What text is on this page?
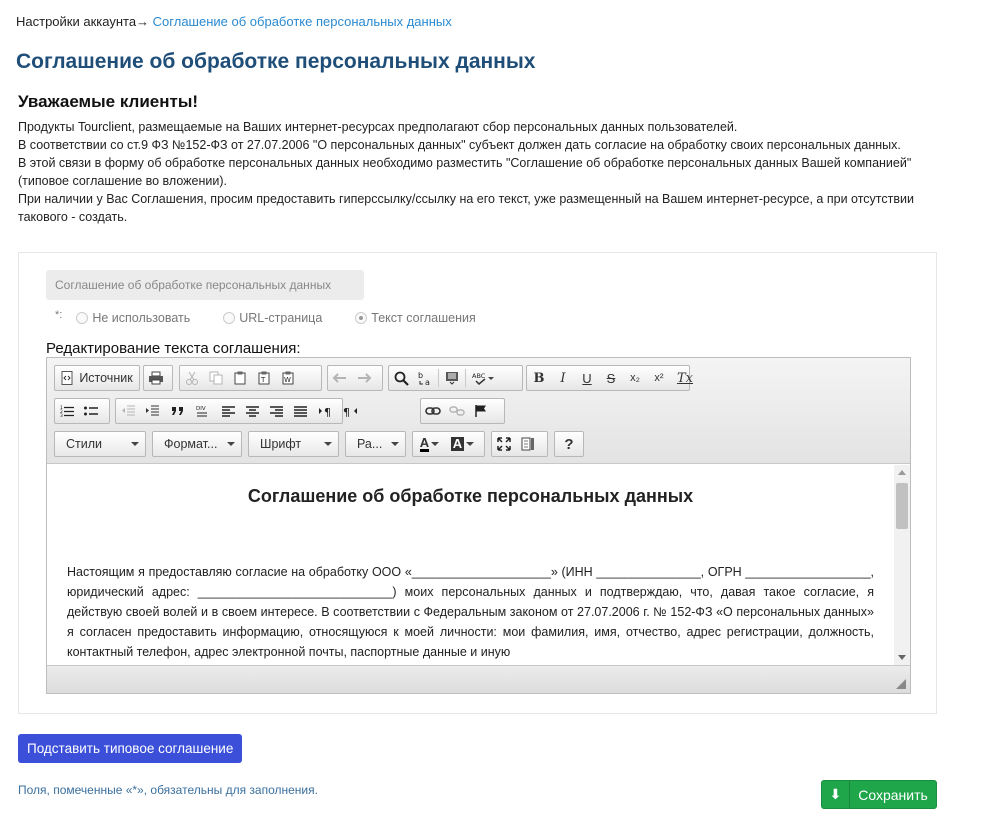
Настройки аккаунта→ Соглашение об обработке персональных данных
Соглашение об обработке персональных данных
Уважаемые клиенты!

Продукты Tourclient, размещаемые на Ваших интернет-ресурсах предполагают сбор персональных данных пользователей.

В соответствии со ст.9 ФЗ №152-ФЗ от 27.07.2006 "О персональных данных" субъект должен дать согласие на обработку своих персональных данных.

В этой связи в форму об обработке персональных данных необходимо разместить "Соглашение об обработке персональных данных Вашей компанией" (типовое соглашение во вложении).

При наличии у Вас Соглашения, просим предоставить гиперссылку/ссылку на его текст, уже размещенный на Вашем интернет-ресурсе, а при отсутствии такового - создать.

Соглашение об обработке персональных данных
*: Не использовать	URL-страница	Текст соглашения
Редактирование текста соглашения:
Источник	T	W
b
a
ABC	B	I	U	S	x₂	x²	Tx
1
2
3
DIV	¶ ¶
Стили	Формат...	Шрифт	Ра...	A A	?
Соглашение об обработке персональных данных

Настоящим я предоставляю согласие на обработку ООО «____________________» (ИНН _______________, ОГРН __________________, юридический адрес: ____________________________) моих персональных данных и подтверждаю, что, давая такое согласие, я действую своей волей и в своем интересе. В соответствии с Федеральным законом от 27.07.2006 г. № 152-ФЗ «О персональных данных» я согласен предоставить информацию, относящуюся к моей личности: мои фамилия, имя, отчество, адрес регистрации, должность, контактный телефон, адрес электронной почты, паспортные данные и иную

Подставить типовое соглашение
Поля, помеченные «*», обязательны для заполнения.	⬇	Сохранить
